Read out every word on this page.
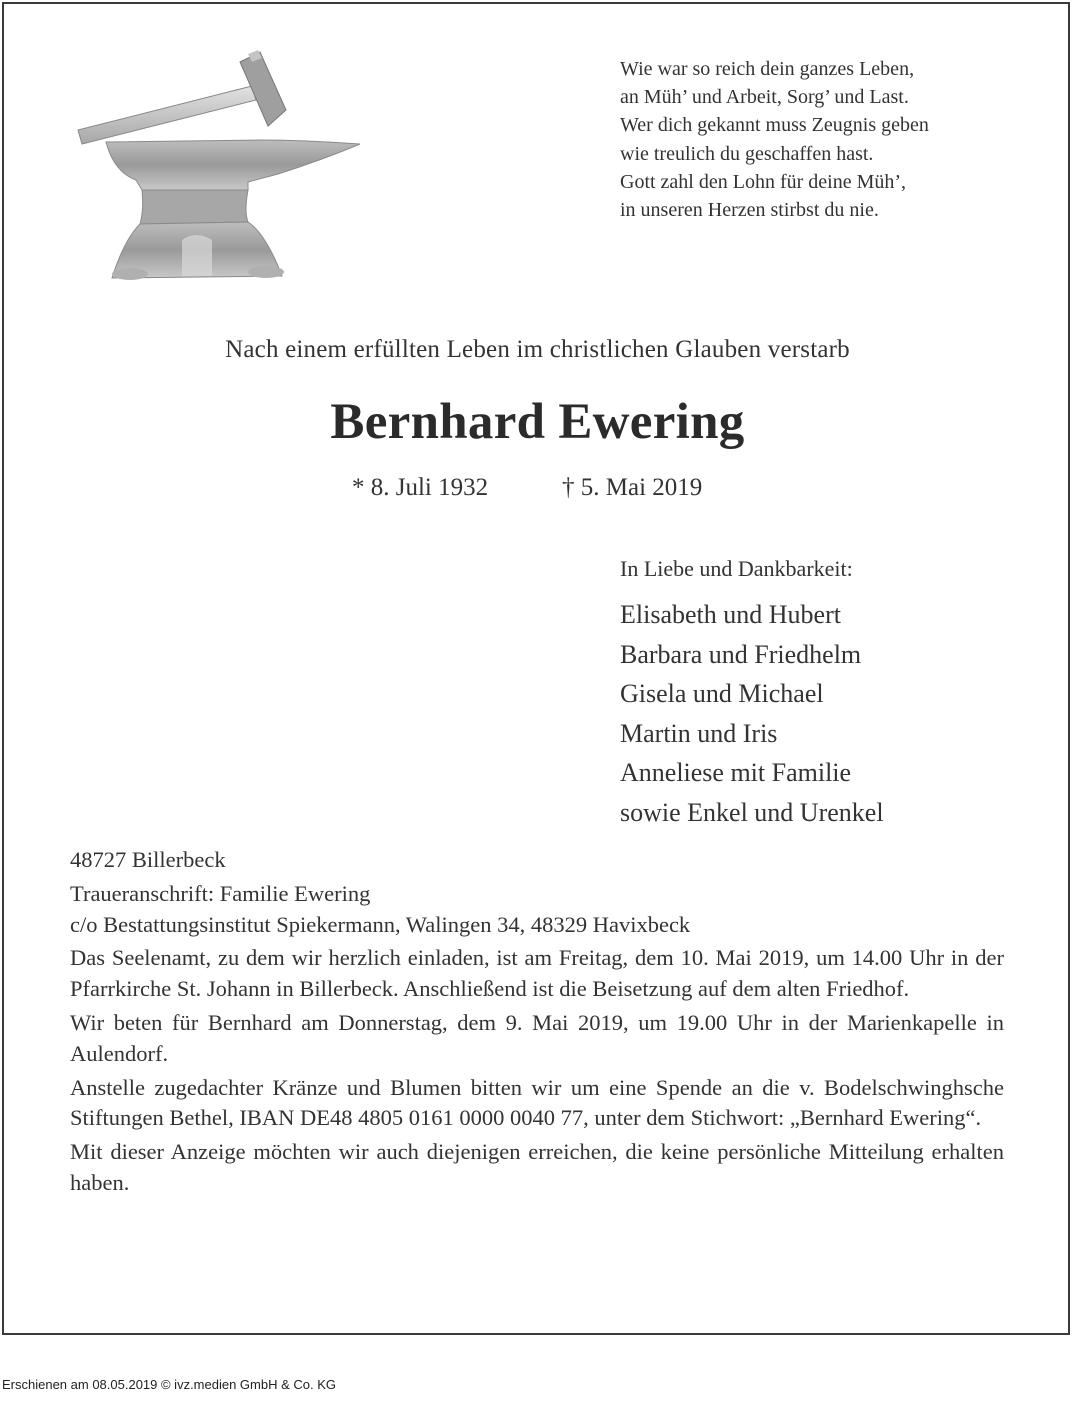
Wie war so reich dein ganzes Leben,
an Müh’ und Arbeit, Sorg’ und Last.
Wer dich gekannt muss Zeugnis geben
wie treulich du geschaffen hast.
Gott zahl den Lohn für deine Müh’,
in unseren Herzen stirbst du nie.
Nach einem erfüllten Leben im christlichen Glauben verstarb
Bernhard Ewering
* 8. Juli 1932	† 5. Mai 2019
In Liebe und Dankbarkeit:
Elisabeth und Hubert
Barbara und Friedhelm
Gisela und Michael
Martin und Iris
Anneliese mit Familie
sowie Enkel und Urenkel

48727 Billerbeck

Traueranschrift: Familie Ewering

c/o Bestattungsinstitut Spiekermann, Walingen 34, 48329 Havixbeck

Das Seelenamt, zu dem wir herzlich einladen, ist am Freitag, dem 10. Mai 2019, um 14.00 Uhr in der Pfarrkirche St. Johann in Billerbeck. Anschließend ist die Beisetzung auf dem alten Friedhof.

Wir beten für Bernhard am Donnerstag, dem 9. Mai 2019, um 19.00 Uhr in der Marienkapelle in Aulendorf.

Anstelle zugedachter Kränze und Blumen bitten wir um eine Spende an die v. Bodelschwinghsche Stiftungen Bethel, IBAN DE48 4805 0161 0000 0040 77, unter dem Stichwort: „Bernhard Ewering“.

Mit dieser Anzeige möchten wir auch diejenigen erreichen, die keine persönliche Mitteilung erhalten haben.

Erschienen am 08.05.2019 © ivz.medien GmbH & Co. KG
